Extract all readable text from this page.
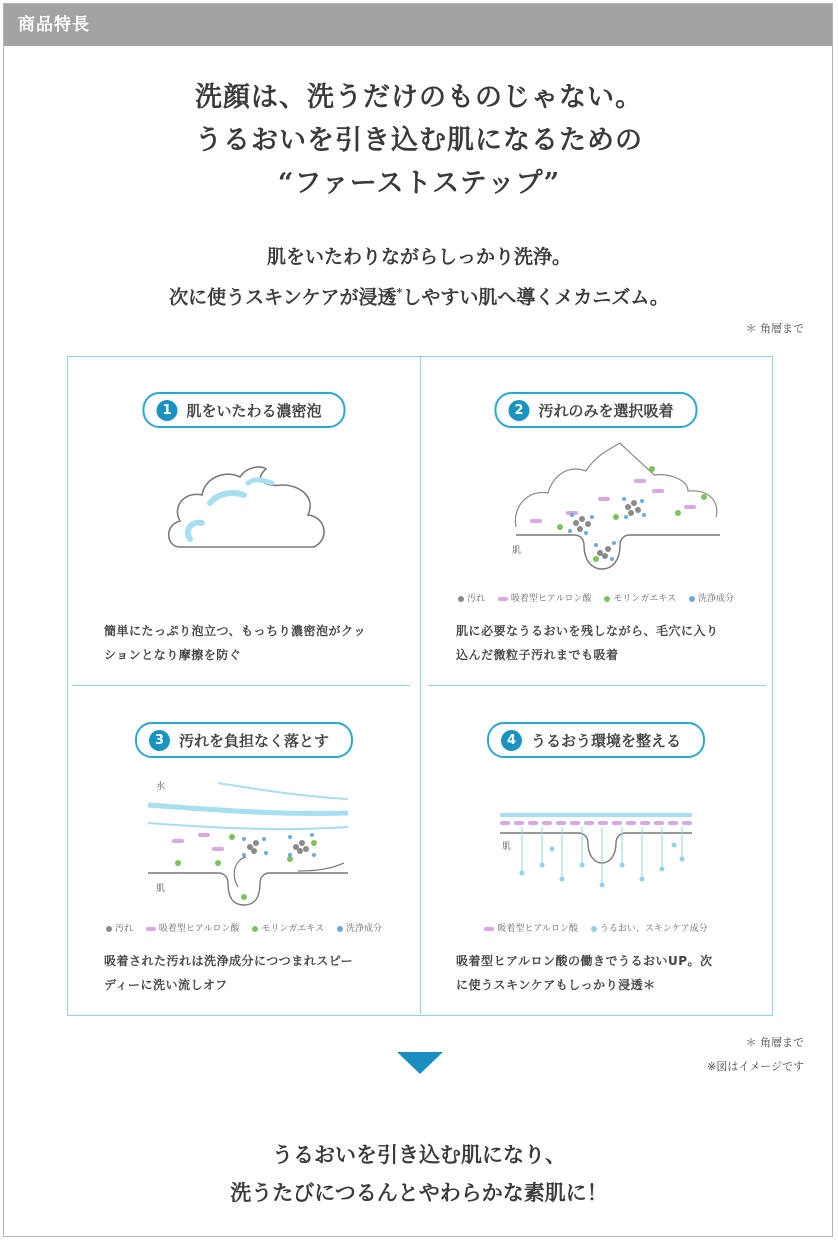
商品特長
洗顔は、洗うだけのものじゃない。
うるおいを引き込む肌になるための
“ファーストステップ”
肌をいたわりながらしっかり洗浄。
次に使うスキンケアが浸透*しやすい肌へ導くメカニズム。
＊ 角層まで
1 肌をいたわる濃密泡
簡単にたっぷり泡立つ、もっちり濃密泡がクッ
ションとなり摩擦を防ぐ
2 汚れのみを選択吸着
肌
汚れ	吸着型ヒアルロン酸 モリンガエキス 洗浄成分
肌に必要なうるおいを残しながら、毛穴に入り
込んだ微粒子汚れまでも吸着
3 汚れを負担なく落とす
水
肌
汚れ	吸着型ヒアルロン酸 モリンガエキス 洗浄成分
吸着された汚れは洗浄成分につつまれスピー
ディーに洗い流しオフ
4 うるおう環境を整える
肌
吸着型ヒアルロン酸 うるおい、スキンケア成分
吸着型ヒアルロン酸の働きでうるおいUP。次
に使うスキンケアもしっかり浸透＊
＊ 角層まで
※図はイメージです
うるおいを引き込む肌になり、
洗うたびにつるんとやわらかな素肌に！
